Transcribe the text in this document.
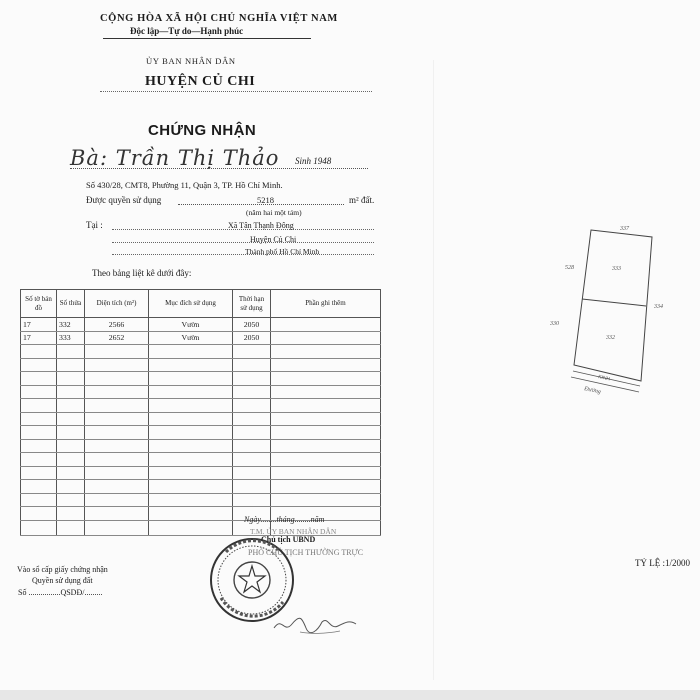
CỘNG HÒA XÃ HỘI CHỦ NGHĨA VIỆT NAM
Độc lập—Tự do—Hạnh phúc
ỦY BAN NHÂN DÂN
HUYỆN CỦ CHI
CHỨNG NHẬN
Bà: Trần Thị Thảo Sinh 1948
Số 430/28, CMT8, Phường 11, Quận 3, TP. Hồ Chí Minh.
Được quyền sử dụng	5218	m² đất.
(năm hai một tám)
Tại :	Xã Tân Thạnh Đông
Huyện Củ Chi
Thành phố Hồ Chí Minh
Theo bảng liệt kê dưới đây:
Số tờ bản đồ	Số thửa	Diện tích (m²)	Mục đích sử dụng	Thời hạn sử dụng	Phần ghi thêm
17	332	2566	Vườn	2050	
17	333	2652	Vườn	2050	

337
528	333
334
330
332
KINH
Đường
TỶ LỆ :1/2000
Ngày........tháng........năm
T.M. ỦY BAN NHÂN DÂN
Chủ tịch UBND
PHÓ CHỦ TỊCH THƯỜNG TRỰC
Vào sổ cấp giấy chứng nhận
Quyền sử dụng đất
Số ................QSDĐ/.........
